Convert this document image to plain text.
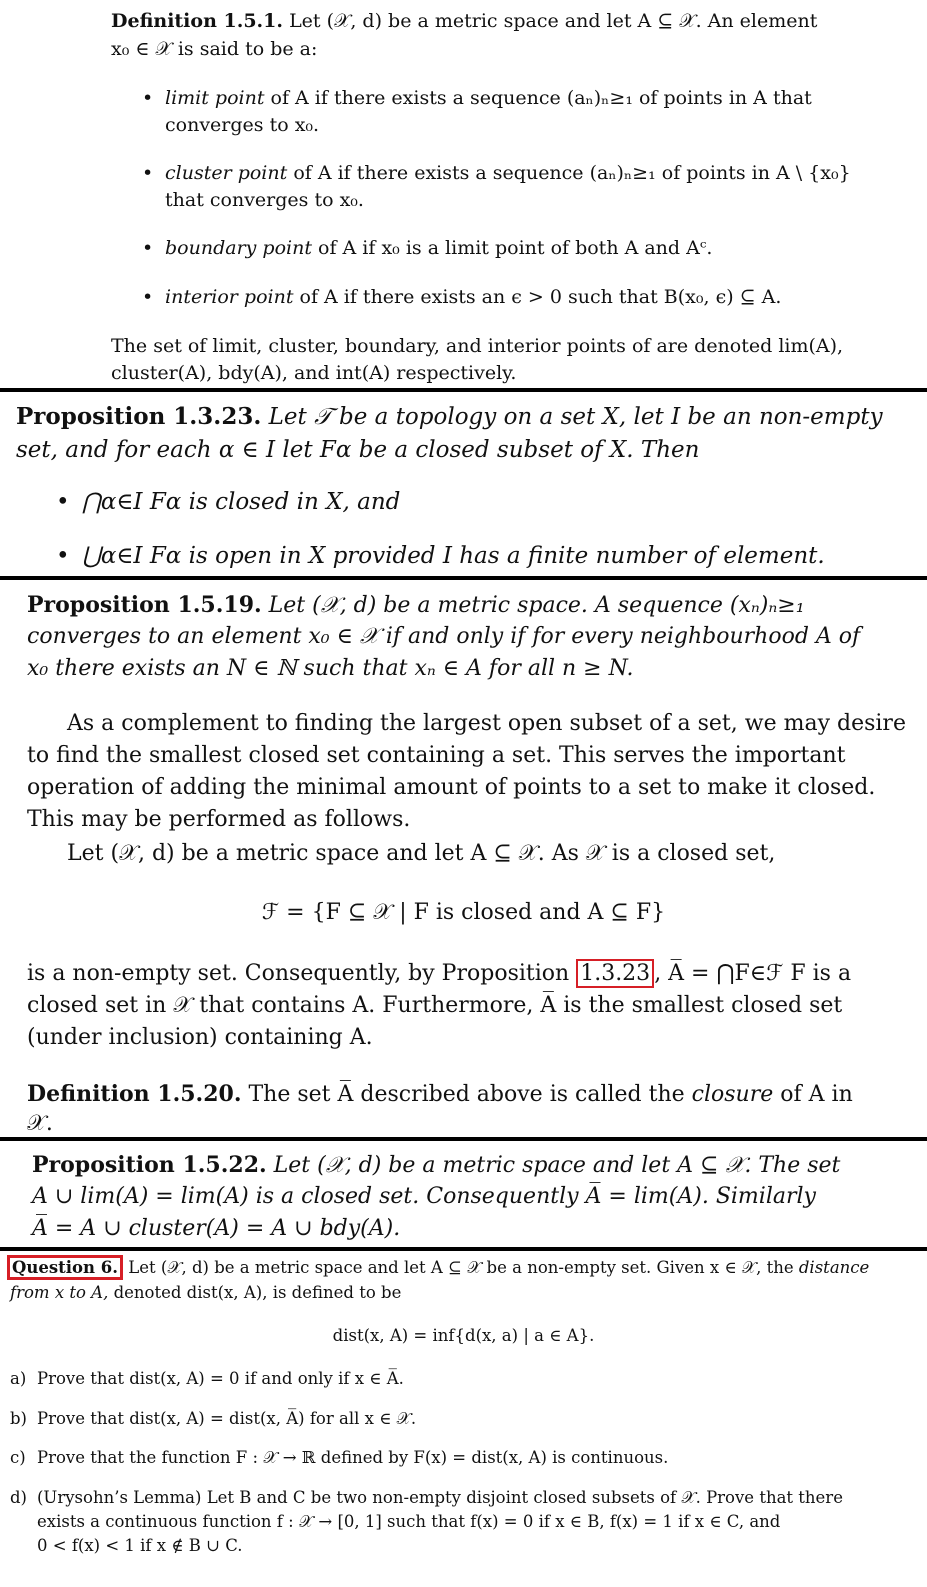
Definition 1.5.1. Let (𝒳, d) be a metric space and let A ⊆ 𝒳. An element
x₀ ∈ 𝒳 is said to be a:
• limit point of A if there exists a sequence (aₙ)ₙ≥₁ of points in A that
converges to x₀.
• cluster point of A if there exists a sequence (aₙ)ₙ≥₁ of points in A \ {x₀}
that converges to x₀.
• boundary point of A if x₀ is a limit point of both A and Aᶜ.
• interior point of A if there exists an ϵ > 0 such that B(x₀, ϵ) ⊆ A.
The set of limit, cluster, boundary, and interior points of are denoted lim(A),
cluster(A), bdy(A), and int(A) respectively.
Proposition 1.3.23. Let 𝒯 be a topology on a set X, let I be an non-empty
set, and for each α ∈ I let Fα be a closed subset of X. Then
• ⋂α∈I Fα is closed in X, and
• ⋃α∈I Fα is open in X provided I has a finite number of element.
Proposition 1.5.19. Let (𝒳, d) be a metric space. A sequence (xₙ)ₙ≥₁
converges to an element x₀ ∈ 𝒳 if and only if for every neighbourhood A of
x₀ there exists an N ∈ ℕ such that xₙ ∈ A for all n ≥ N.
As a complement to finding the largest open subset of a set, we may desire
to find the smallest closed set containing a set. This serves the important
operation of adding the minimal amount of points to a set to make it closed.
This may be performed as follows.
Let (𝒳, d) be a metric space and let A ⊆ 𝒳. As 𝒳 is a closed set,
ℱ = {F ⊆ 𝒳 | F is closed and A ⊆ F}
is a non-empty set. Consequently, by Proposition 1.3.23 , A̅ = ⋂F∈ℱ F is a
closed set in 𝒳 that contains A. Furthermore, A̅ is the smallest closed set
(under inclusion) containing A.
Definition 1.5.20. The set A̅ described above is called the closure of A in
𝒳.
Proposition 1.5.22. Let (𝒳, d) be a metric space and let A ⊆ 𝒳. The set
A ∪ lim(A) = lim(A) is a closed set. Consequently A̅ = lim(A). Similarly
A̅ = A ∪ cluster(A) = A ∪ bdy(A).
Question 6. Let (𝒳, d) be a metric space and let A ⊆ 𝒳 be a non-empty set. Given x ∈ 𝒳, the distance
from x to A, denoted dist(x, A), is defined to be
dist(x, A) = inf{d(x, a) | a ∈ A}.
a) Prove that dist(x, A) = 0 if and only if x ∈ A̅.
b) Prove that dist(x, A) = dist(x, A̅) for all x ∈ 𝒳.
c) Prove that the function F : 𝒳 → ℝ defined by F(x) = dist(x, A) is continuous.
d) (Urysohn’s Lemma) Let B and C be two non-empty disjoint closed subsets of 𝒳. Prove that there
exists a continuous function f : 𝒳 → [0, 1] such that f(x) = 0 if x ∈ B, f(x) = 1 if x ∈ C, and
0 < f(x) < 1 if x ∉ B ∪ C.
